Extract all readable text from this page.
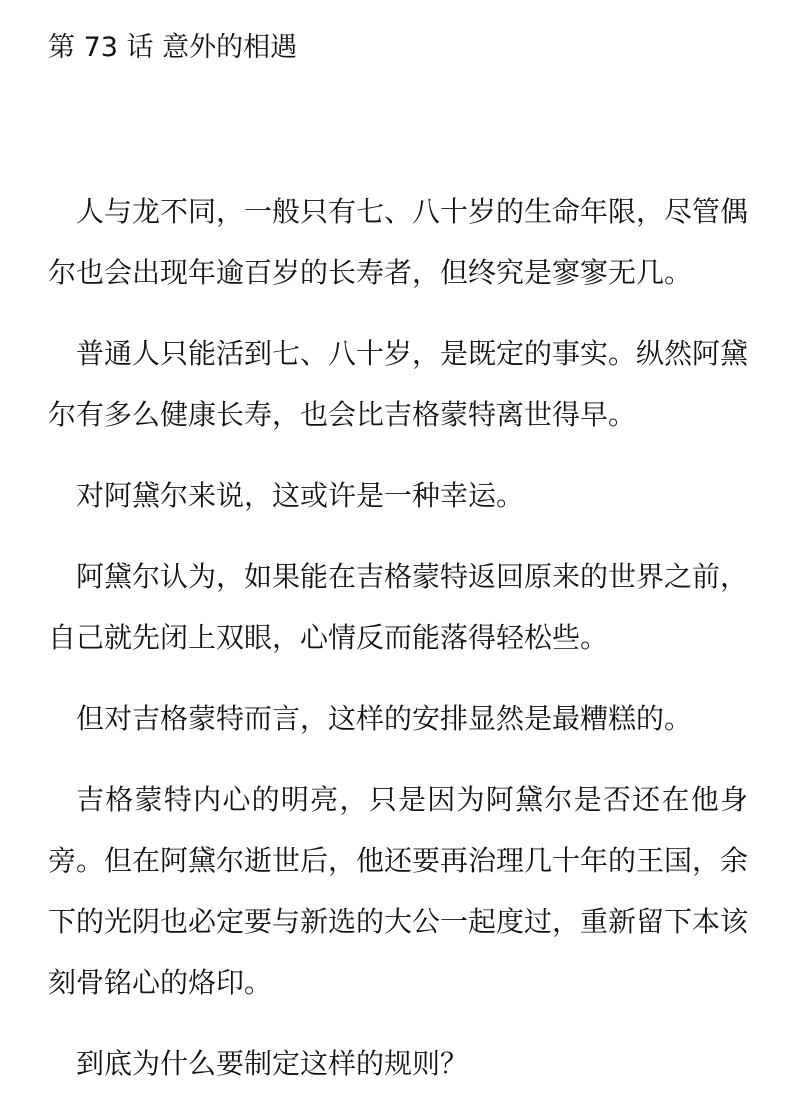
第 73 话 意外的相遇

人与龙不同，一般只有七、八十岁的生命年限，尽管偶尔也会出现年逾百岁的长寿者，但终究是寥寥无几。

普通人只能活到七、八十岁，是既定的事实。纵然阿黛尔有多么健康长寿，也会比吉格蒙特离世得早。

对阿黛尔来说，这或许是一种幸运。

阿黛尔认为，如果能在吉格蒙特返回原来的世界之前，自己就先闭上双眼，心情反而能落得轻松些。

但对吉格蒙特而言，这样的安排显然是最糟糕的。

吉格蒙特内心的明亮，只是因为阿黛尔是否还在他身旁。但在阿黛尔逝世后，他还要再治理几十年的王国，余下的光阴也必定要与新选的大公一起度过，重新留下本该刻骨铭心的烙印。

到底为什么要制定这样的规则？
